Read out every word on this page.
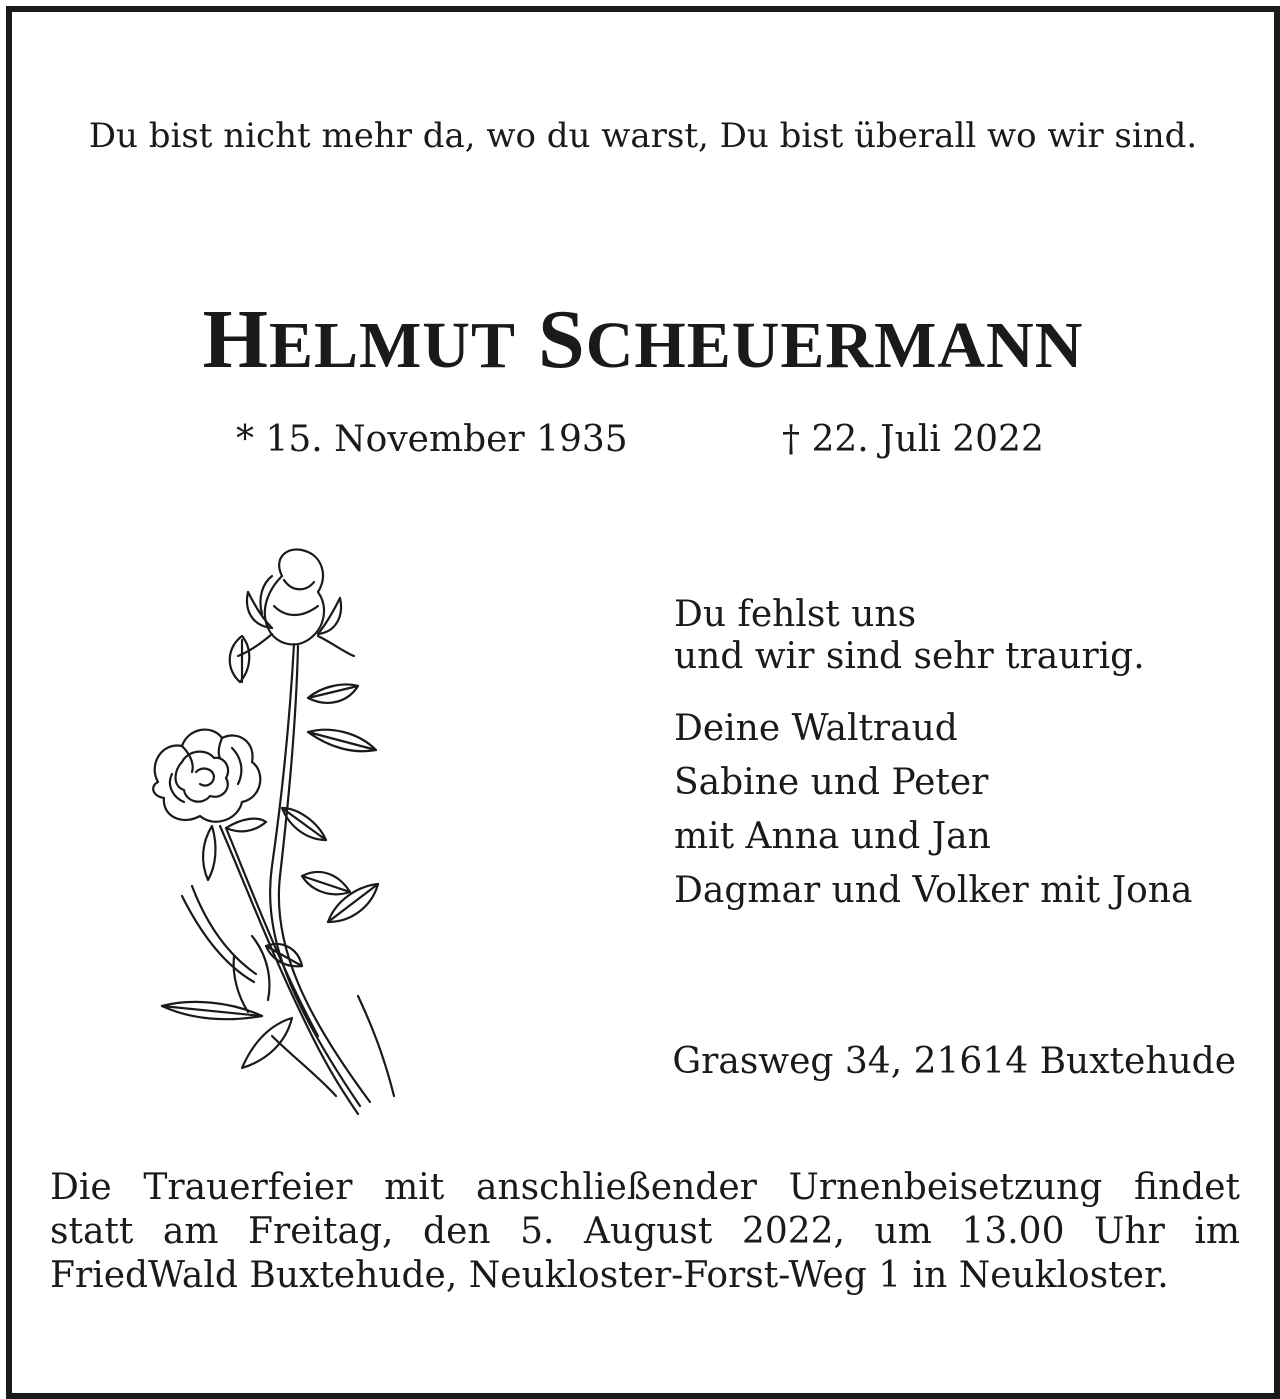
Du bist nicht mehr da, wo du warst, Du bist überall wo wir sind.
HELMUT SCHEUERMANN
* 15. November 1935	† 22. Juli 2022
Du fehlst uns
und wir sind sehr traurig.
Deine Waltraud
Sabine und Peter
mit Anna und Jan
Dagmar und Volker mit Jona
Grasweg 34, 21614 Buxtehude
Die Trauerfeier mit anschließender Urnenbeisetzung findet
statt am Freitag, den 5. August 2022, um 13.00 Uhr im
FriedWald Buxtehude, Neukloster-Forst-Weg 1 in Neukloster.
